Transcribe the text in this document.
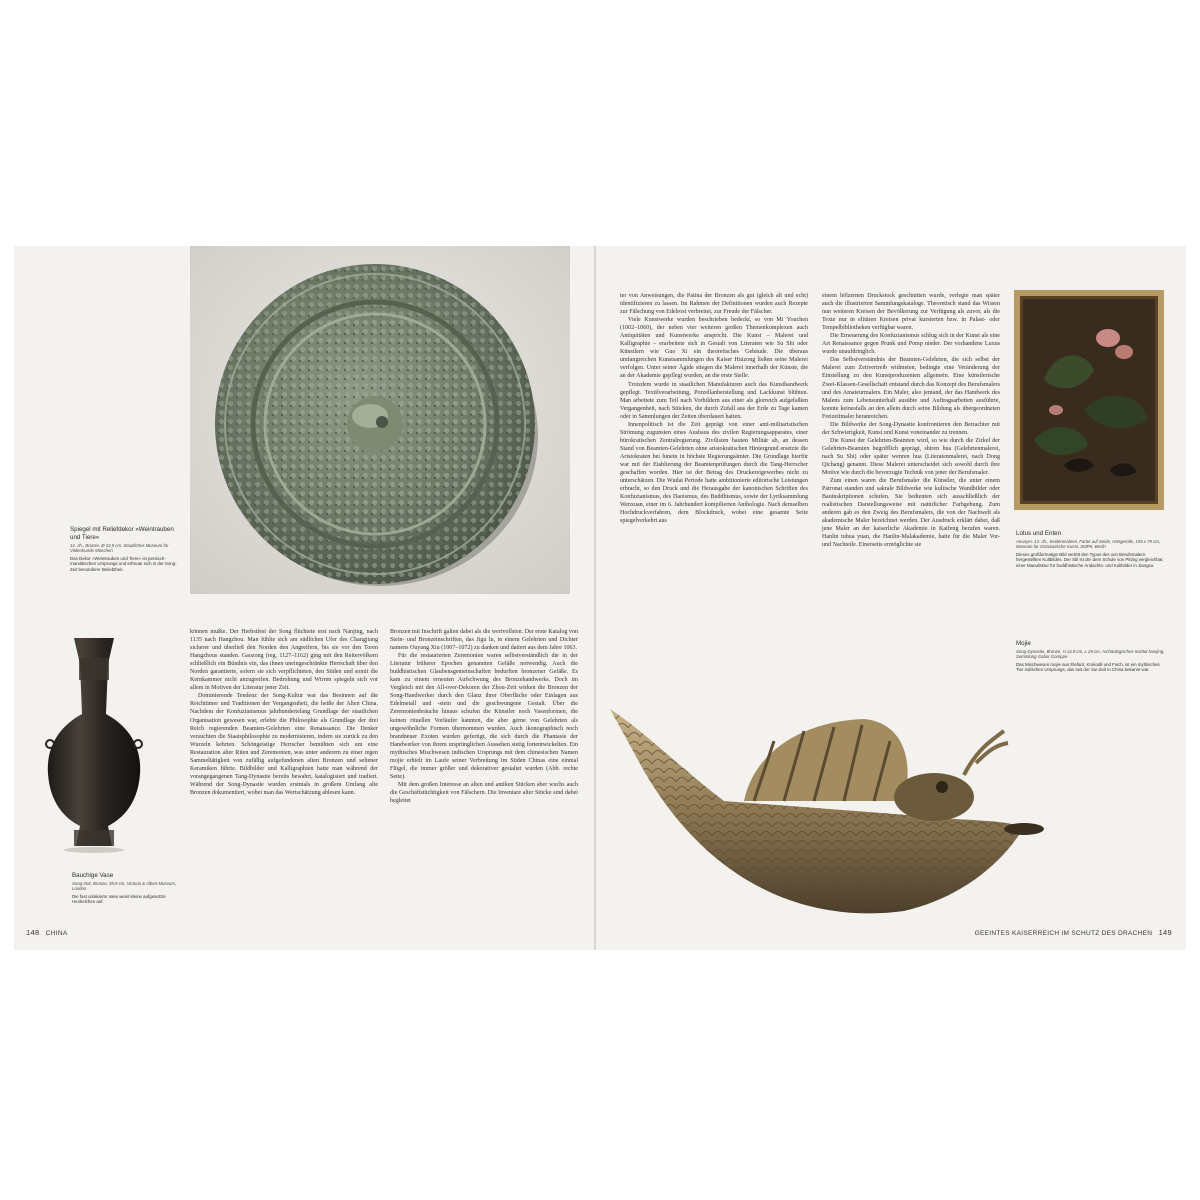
Spiegel mit Reliefdekor »Weintrauben und Tiere«
12. Jh., Bronze, Ø 22,9 cm, Staatliches Museum für Völkerkunde München
Das Dekor »Weintrauben und Tiere« ist persisch-mandäischen Ursprungs und erfreute sich in der Song-Zeit besonderer Beliebtheit.
Bauchige Vase
Song-Zeit, Bronze, 39,9 cm, Victoria & Albert Museum, London
Die fast unlakierte Vase weist kleine aufgesetzte Henkelchen auf.

können mußte. Der Herbstfest der Song flüchtete erst nach Nanjing, nach 1135 nach Hangzhou. Man fühlte sich am südlichen Ufer des Changjiang sicherer und überließ den Norden den Angreifern, bis sie vor den Toren Hangzhous standen. Gaozong (reg. 1127–1162) ging mit den Reitervölkern schließlich ein Bündnis ein, das ihnen uneingeschränkte Herrschaft über den Norden garantierte, sofern sie sich verpflichteten, den Süden und somit die Kernkammer nicht anzugreifen. Bedrohung und Wirren spiegeln sich vor allem in Motiven der Literatur jener Zeit.

Dominierende Tendenz der Song-Kultur war das Besinnen auf die Reichtümer und Traditionen der Vergangenheit, die heiße der Alten China. Nachdem der Konfuzianismus jahrhundertelang Grundlage der staatlichen Organisation gewesen war, erlebte die Philosophie als Grundlage der drei Reich regierenden Beamten-Gelehrten eine Renaissance. Die Denker versuchten die Staatsphilosophie zu modernisieren, indem sie zurück zu den Wurzeln kehrten. Schöngeistige Herrscher bemühten sich um eine Restauration alter Riten und Zeremonien, was unter anderem zu einer regen Sammeltätigkeit von zufällig aufgefundenen alten Bronzen und seltener Keramiken führte. Bildbilder und Kalligraphien hatte man während der vorangegangenen Tang-Dynastie bereits bewahrt, katalogisiert und tradiert. Während der Song-Dynastie wurden erstmals in großem Umfang alte Bronzen dokumentiert, wobei man das Wertschätzung ablesen kann.

Bronzen mit Inschrift galten dabei als die wertvollsten. Der erste Katalog von Stein- und Bronzeinschriften, das Jigu lu, in einem Gelehrten und Dichter namens Ouyang Xiu (1007–1072) zu danken und datiert aus dem Jahre 1063.

Für die restaurierten Zeremonien waren selbstverständlich die in der Literatur früherer Epochen genannten Gefäße notwendig. Auch die buddhistischen Glaubensgemeinschaften bedurften bronzener Gefäße. Es kam zu einem erneuten Aufschwung des Bronzehandwerks. Doch im Vergleich mit den All-over-Dekoren der Zhou-Zeit wirken die Bronzen der Song-Handwerker durch den Glanz ihrer Oberfläche oder Einlagen aus Edelmetall und -stein und die geschwungene Gestalt. Über die Zeremonienbräuche hinaus schufen die Künstler noch Vasenformen, die keinen rituellen Vorläufer kannten, die aber gerne von Gelehrten als ungewöhnliche Formen übernommen wurden. Auch ikonographisch noch brandneuer Exoten wurden gefertigt, die sich durch die Phantasie der Handwerker von ihrem ursprünglichen Aussehen stetig fortentwickelten. Ein mythisches Mischwesen indischen Ursprungs mit dem chinesischen Namen mojie erhielt im Laufe seiner Verbreitung im Süden Chinas eine einmal Flügel, die immer größer und dekorativer gestaltet wurden (Abb. rechte Seite).

Mit dem großen Interesse an alten und antiken Stücken aber wuchs auch die Geschäftstüchtigkeit von Fälschern. Die Inventare alter Stücke sind dabei begleitet

148 CHINA

ter von Anweisungen, die Patina der Bronzen als gut (gleich alt und echt) identifizieren zu lassen. Im Rahmen der Definitionen wurden auch Rezepte zur Fälschung von Edelrost verbreitet, zur Freude der Fälscher.

Viele Kunstwerke wurden beschrieben bedeckt, so von Mi Youchen (1002–1060), der neben vier weiteren großen Themenkomplexen auch Antiquitäten und Kunstwerke anspricht. Die Kunst – Malerei und Kalligraphie – erarbeitete sich in Gestalt von Literaten wie Su Shi oder Künstlern wie Guo Xi ein theoretisches Gebäude. Die überaus umfangreichen Kunstsammlungen des Kaiser Huizong ließen seine Malerei verfolgen. Unter seiner Ägide stiegen die Malerei innerhalb der Künste, die an der Akademie gepflegt wurden, an die erste Stelle.

Trotzdem wurde in staatlichen Manufakturen auch das Kunsthandwerk gepflegt. Textilverarbeitung, Porzellanherstellung und Lackkunst blühten. Man arbeitete zum Teil nach Vorbildern aus einer als glorreich aufgefaßten Vergangenheit, nach Stücken, die durch Zufall aus der Erde zu Tage kamen oder in Sammlungen der Zeiten überdauert hatten.

Innenpolitisch ist die Zeit geprägt von einer anti-militaristischen Strömung zugunsten eines Ausbaus des zivilen Regierungsapparates, einer bürokratischen Zentralregierung. Zivilisten bauten Militär ab, an dessen Stand von Beamten-Gelehrten ohne aristokratischen Hintergrund ersetzte die Aristokraten bei hinein in höchste Regierungsämter. Die Grundlage hierfür war mit der Etablierung der Beamtenprüfungen durch die Tang-Herrscher geschaffen worden. Hier ist der Betrag des Druckereigewerbes nicht zu unterschätzen. Die Wudai Periode hatte ambitionierte editorische Leistungen erbracht, so den Druck und die Herausgabe der kanonischen Schriften des Konfuzianismus, des Daoismus, des Buddhismus, sowie der Lyriksammlung Wenxuan, einer im 6. Jahrhundert kompilierten Anthologie. Nach demselben Hochdruckverfahren, dem Blockdruck, wobei eine gesamte Seite spiegelverkehrt aus

einem hölzernen Druckstock geschnitten wurde, verlegte man später auch die illustrierten Sammlungskataloge. Theoretisch stand das Wissen nun weiteren Kreisen der Bevölkerung zur Verfügung als zuvor, als die Texte nur in elitären Kreisen privat kursierten bzw. in Palast- oder Tempelbibliotheken verfügbar waren.

Die Erneuerung des Konfuzianismus schlug sich in der Kunst als eine Art Renaissance gegen Prunk und Pomp nieder. Der vorhandene Luxus wurde unaufdringlich.

Das Selbstverständnis der Beamten-Gelehrten, die sich selbst der Malerei zum Zeitvertreib widmeten, bedingte eine Veränderung der Einstellung zu den Kunstproduzenten allgemein. Eine künstlerische Zwei-Klassen-Gesellschaft entstand durch das Konzept des Berufsmalers und des Amateurmalers. Ein Maler, also jemand, der das Handwerk des Malens zum Lebensunterhalt ausübte und Auftragsarbeiten ausführte, konnte keinesfalls an den allein durch seine Bildung als übergeordneten Freizeitmaler heranreichen.

Die Bildwerke der Song-Dynastie konfrontieren den Betrachter mit der Schwierigkeit, Kunst und Kunst voneinander zu trennen.

Die Kunst der Gelehrten-Beamten wird, so wie durch die Zirkel der Gelehrten-Beamten begrifflich geprägt, shiren hua (Gelehrtenmalerei, nach Su Shi) oder später wenren hua (Literatenmalerei, nach Dong Qichang) genannt. Diese Malerei unterscheidet sich sowohl durch ihre Motive wie durch die bevorzugte Technik von jener der Berufsmaler.

Zum einen waren die Berufsmaler die Künstler, die unter einem Patronat standen und sakrale Bildwerke wie kultische Wandbilder oder Bauinskriptionen schufen. Sie bedienten sich ausschließlich der realistischen Darstellungsweise mit natürlicher Farbgebung. Zum anderen gab es den Zweig des Berufsmalers, die von der Nachwelt als akademische Maler bezeichnet werden. Der Ausdruck erklärt dabei, daß jene Maler an der kaiserliche Akademie in Kaifeng berufen waren. Hanlin tuhua yuan, die Hanlin-Malakademie, hatte für die Maler Vor- und Nachteile. Einerseits ermöglichte sie

Lotus und Enten
Anonym. 13. Jh., Seidenmalerei, Farbe auf Seide, Hängerolle, 159 x 79 cm, Museum für Ostasiatische Kunst, SMPK, Berlin
Dieses großformatige Bild vertritt den Typus des von Berufsmalern hergestellten Kultbildes. Der Stil ist der dem Schule von Pitting vergleichbar, einer Manufaktur für buddhistische Andachts- und Kultbilder in Jiangsu.
Mojie
Song-Dynastie, Bronze, H 14,9 cm, L 29 cm, Archäologisches Institut Nanjing, Sammlung Gabor Gamppe
Das Mischwesen mojie aus Elefant, Krokodil und Fisch, ist ein mythisches Tier indischen Ursprungs, das seit der Sui-Zeit in China bekannt war.
GEEINTES KAISERREICH IM SCHUTZ DES DRACHEN 149
